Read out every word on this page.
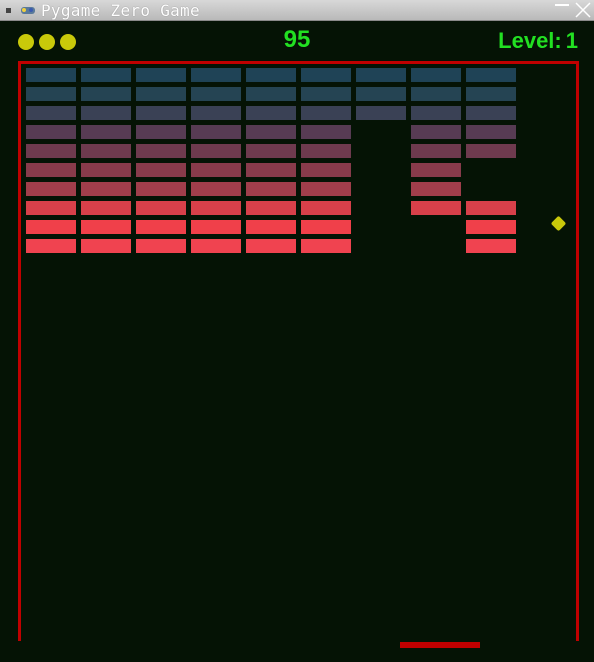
Pygame Zero Game
95	Level: 1
